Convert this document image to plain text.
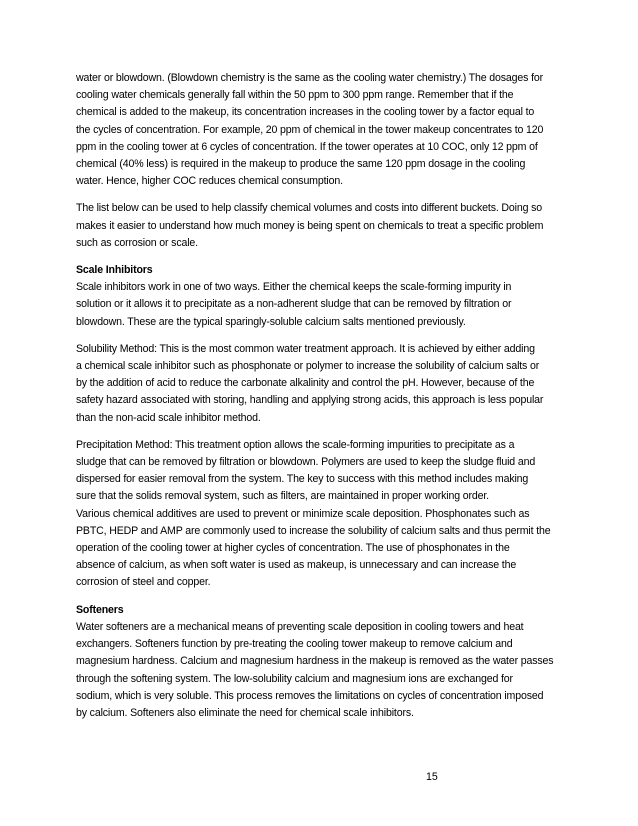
water or blowdown. (Blowdown chemistry is the same as the cooling water chemistry.) The dosages for
cooling water chemicals generally fall within the 50 ppm to 300 ppm range. Remember that if the
chemical is added to the makeup, its concentration increases in the cooling tower by a factor equal to
the cycles of concentration. For example, 20 ppm of chemical in the tower makeup concentrates to 120
ppm in the cooling tower at 6 cycles of concentration. If the tower operates at 10 COC, only 12 ppm of
chemical (40% less) is required in the makeup to produce the same 120 ppm dosage in the cooling
water. Hence, higher COC reduces chemical consumption.

The list below can be used to help classify chemical volumes and costs into different buckets. Doing so
makes it easier to understand how much money is being spent on chemicals to treat a specific problem
such as corrosion or scale.

Scale Inhibitors
Scale inhibitors work in one of two ways. Either the chemical keeps the scale-forming impurity in
solution or it allows it to precipitate as a non-adherent sludge that can be removed by filtration or
blowdown. These are the typical sparingly-soluble calcium salts mentioned previously.

Solubility Method: This is the most common water treatment approach. It is achieved by either adding
a chemical scale inhibitor such as phosphonate or polymer to increase the solubility of calcium salts or
by the addition of acid to reduce the carbonate alkalinity and control the pH. However, because of the
safety hazard associated with storing, handling and applying strong acids, this approach is less popular
than the non-acid scale inhibitor method.

Precipitation Method: This treatment option allows the scale-forming impurities to precipitate as a
sludge that can be removed by filtration or blowdown. Polymers are used to keep the sludge fluid and
dispersed for easier removal from the system. The key to success with this method includes making
sure that the solids removal system, such as filters, are maintained in proper working order.
Various chemical additives are used to prevent or minimize scale deposition. Phosphonates such as
PBTC, HEDP and AMP are commonly used to increase the solubility of calcium salts and thus permit the
operation of the cooling tower at higher cycles of concentration. The use of phosphonates in the
absence of calcium, as when soft water is used as makeup, is unnecessary and can increase the
corrosion of steel and copper.

Softeners
Water softeners are a mechanical means of preventing scale deposition in cooling towers and heat
exchangers. Softeners function by pre-treating the cooling tower makeup to remove calcium and
magnesium hardness. Calcium and magnesium hardness in the makeup is removed as the water passes
through the softening system. The low-solubility calcium and magnesium ions are exchanged for
sodium, which is very soluble. This process removes the limitations on cycles of concentration imposed
by calcium. Softeners also eliminate the need for chemical scale inhibitors.

15
